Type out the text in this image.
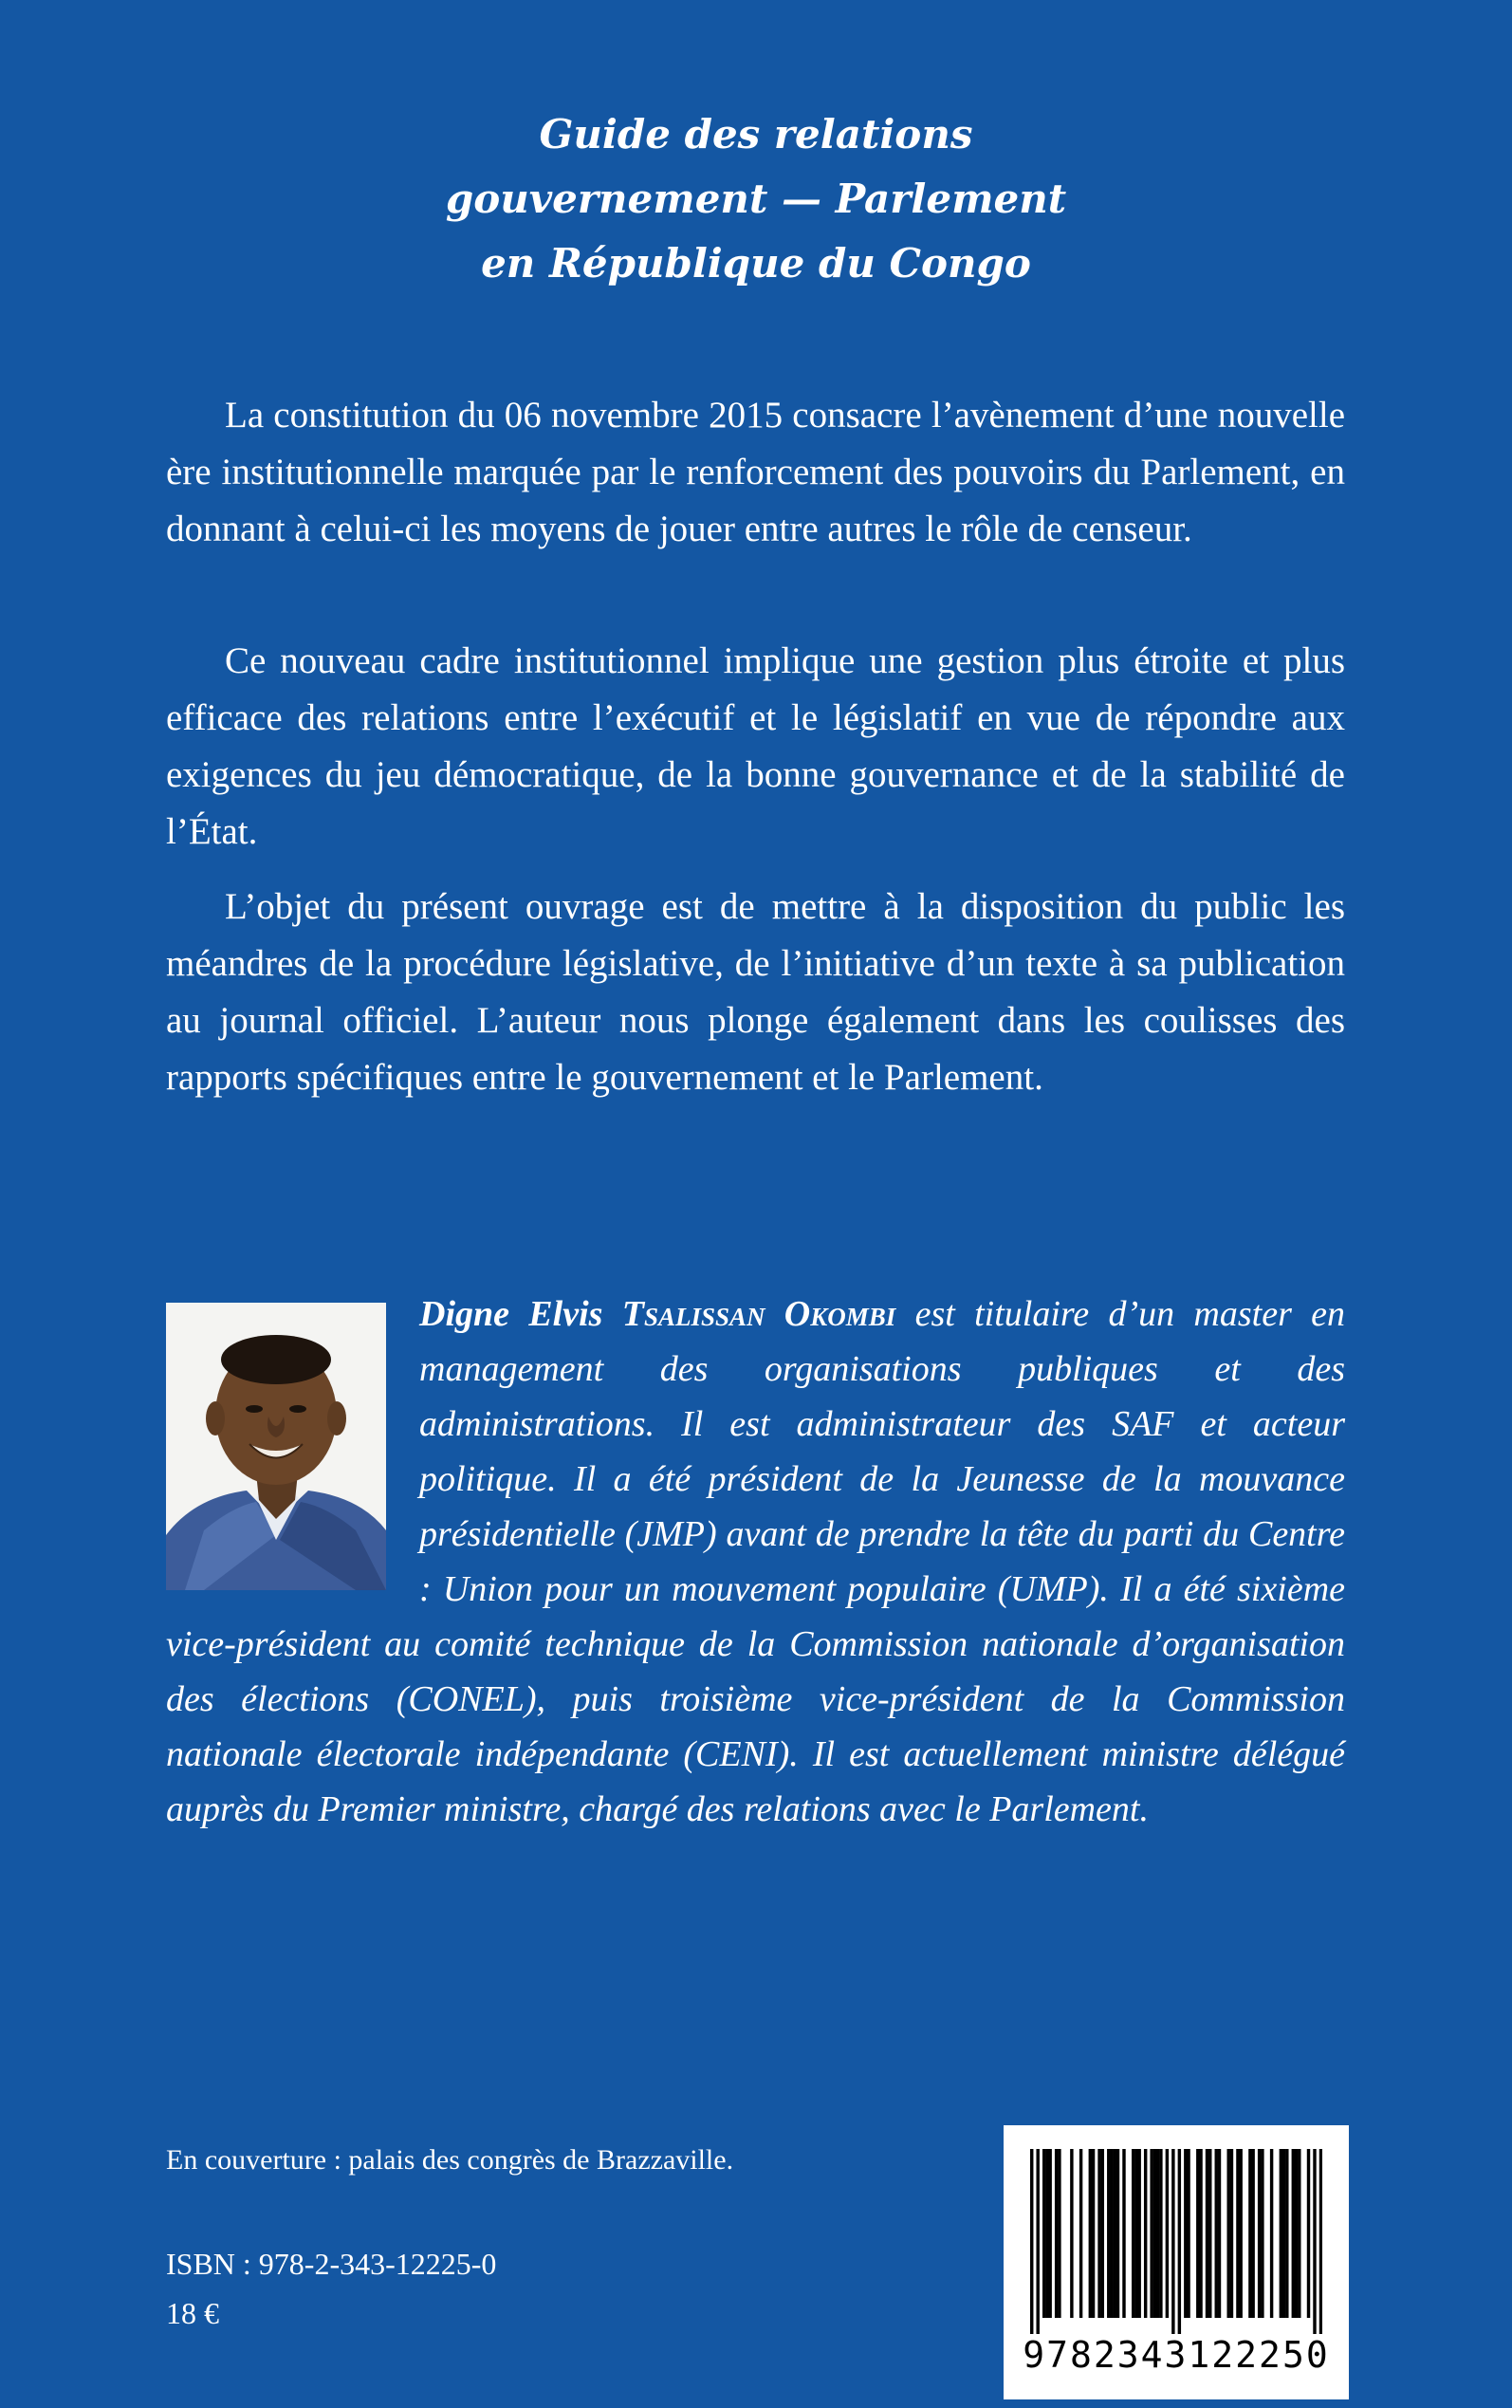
Guide des relations
gouvernement — Parlement
en République du Congo

La constitution du 06 novembre 2015 consacre l’avènement d’une nouvelle ère institutionnelle marquée par le renforcement des pouvoirs du Parlement, en donnant à celui-ci les moyens de jouer entre autres le rôle de censeur.

Ce nouveau cadre institutionnel implique une gestion plus étroite et plus efficace des relations entre l’exécutif et le législatif en vue de répondre aux exigences du jeu démocratique, de la bonne gouvernance et de la stabilité de l’État.

L’objet du présent ouvrage est de mettre à la disposition du public les méandres de la procédure législative, de l’initiative d’un texte à sa publication au journal officiel. L’auteur nous plonge également dans les coulisses des rapports spécifiques entre le gouvernement et le Parlement.

Digne Elvis Tsalissan Okombi est titulaire d’un master en management des organisations publiques et des administrations. Il est administrateur des SAF et acteur politique. Il a été président de la Jeunesse de la mouvance présidentielle (JMP) avant de prendre la tête du parti du Centre : Union pour un mouvement populaire (UMP). Il a été sixième vice-président au comité technique de la Commission nationale d’organisation des élections (CONEL), puis troisième vice-président de la Commission nationale électorale indépendante (CENI). Il est actuellement ministre délégué auprès du Premier ministre, chargé des relations avec le Parlement.
En couverture : palais des congrès de Brazzaville.
ISBN : 978-2-343-12225-0
18 €
9782343122250
